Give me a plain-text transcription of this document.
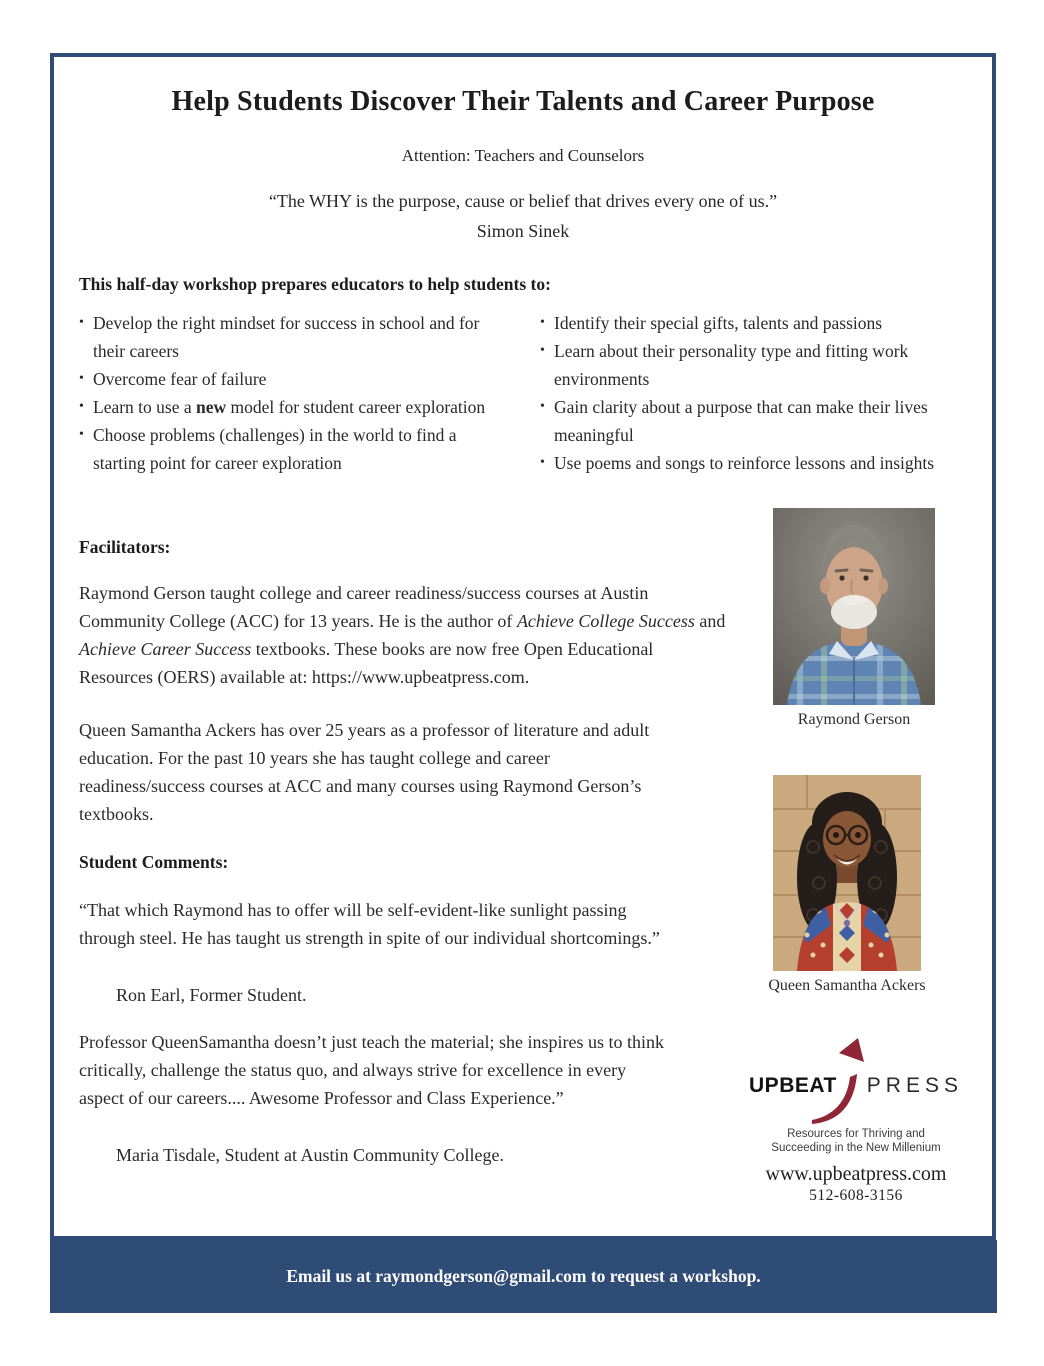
Help Students Discover Their Talents and Career Purpose
Attention: Teachers and Counselors
“The WHY is the purpose, cause or belief that drives every one of us.”
Simon Sinek
This half-day workshop prepares educators to help students to:
• Develop the right mindset for success in school and for their careers
• Overcome fear of failure
• Learn to use a new model for student career exploration
• Choose problems (challenges) in the world to find a starting point for career exploration
• Identify their special gifts, talents and passions
• Learn about their personality type and fitting work environments
• Gain clarity about a purpose that can make their lives meaningful
• Use poems and songs to reinforce lessons and insights
Facilitators:
Raymond Gerson taught college and career readiness/success courses at Austin Community College (ACC) for 13 years. He is the author of Achieve College Success and Achieve Career Success textbooks. These books are now free Open Educational Resources (OERS) available at: https://www.upbeatpress.com.
Queen Samantha Ackers has over 25 years as a professor of literature and adult education. For the past 10 years she has taught college and career readiness/success courses at ACC and many courses using Raymond Gerson’s textbooks.
Student Comments:
“That which Raymond has to offer will be self-evident-like sunlight passing through steel. He has taught us strength in spite of our individual shortcomings.”
Ron Earl, Former Student.
Professor QueenSamantha doesn’t just teach the material; she inspires us to think critically, challenge the status quo, and always strive for excellence in every aspect of our careers.... Awesome Professor and Class Experience.”
Maria Tisdale, Student at Austin Community College.
Raymond Gerson
Queen Samantha Ackers
UPBEAT PRESS
Resources for Thriving and
Succeeding in the New Millenium
www.upbeatpress.com
512-608-3156
Email us at raymondgerson@gmail.com to request a workshop.
